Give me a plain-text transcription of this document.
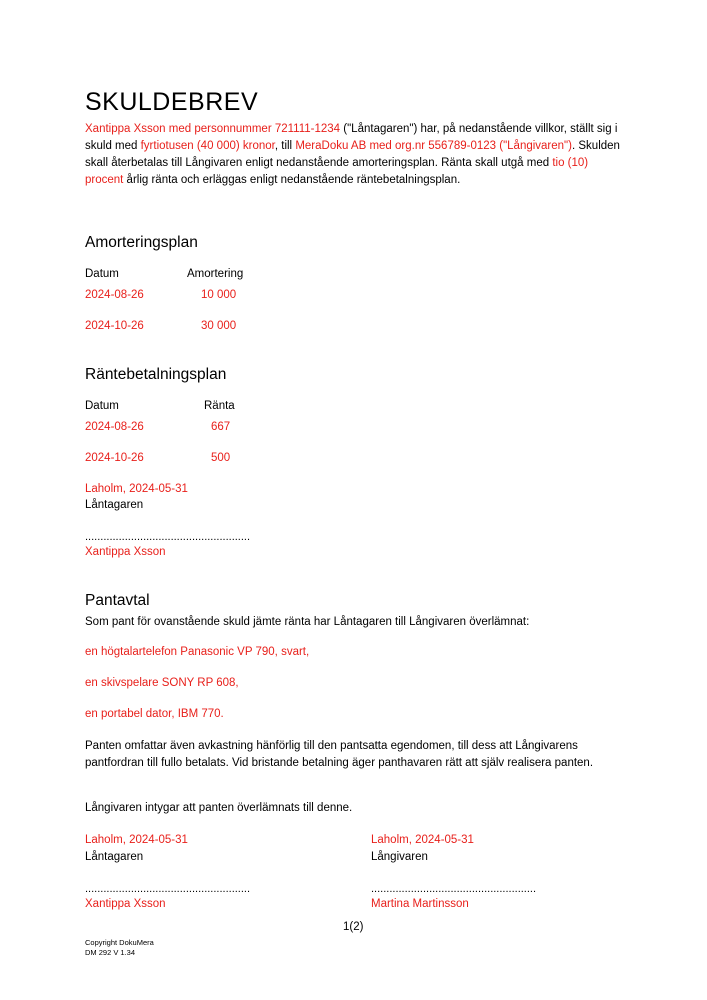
SKULDEBREV
Xantippa Xsson med personnummer 721111-1234 ("Låntagaren") har, på nedanstående villkor, ställt sig i skuld med fyrtiotusen (40 000) kronor, till MeraDoku AB med org.nr 556789-0123 ("Långivaren"). Skulden skall återbetalas till Långivaren enligt nedanstående amorteringsplan. Ränta skall utgå med tio (10) procent årlig ränta och erläggas enligt nedanstående räntebetalningsplan.
Amorteringsplan
Datum	Amortering
2024-08-26	10 000
2024-10-26	30 000
Räntebetalningsplan
Datum	Ränta
2024-08-26	667
2024-10-26	500
Laholm, 2024-05-31
Låntagaren
......................................................
Xantippa Xsson
Pantavtal
Som pant för ovanstående skuld jämte ränta har Låntagaren till Långivaren överlämnat:
en högtalartelefon Panasonic VP 790, svart,
en skivspelare SONY RP 608,
en portabel dator, IBM 770.
Panten omfattar även avkastning hänförlig till den pantsatta egendomen, till dess att Långivarens pantfordran till fullo betalats. Vid bristande betalning äger panthavaren rätt att själv realisera panten.
Långivaren intygar att panten överlämnats till denne.
Laholm, 2024-05-31
Låntagaren
......................................................
Xantippa Xsson
Laholm, 2024-05-31
Långivaren
......................................................
Martina Martinsson
1(2)
Copyright DokuMera
DM 292 V 1.34
